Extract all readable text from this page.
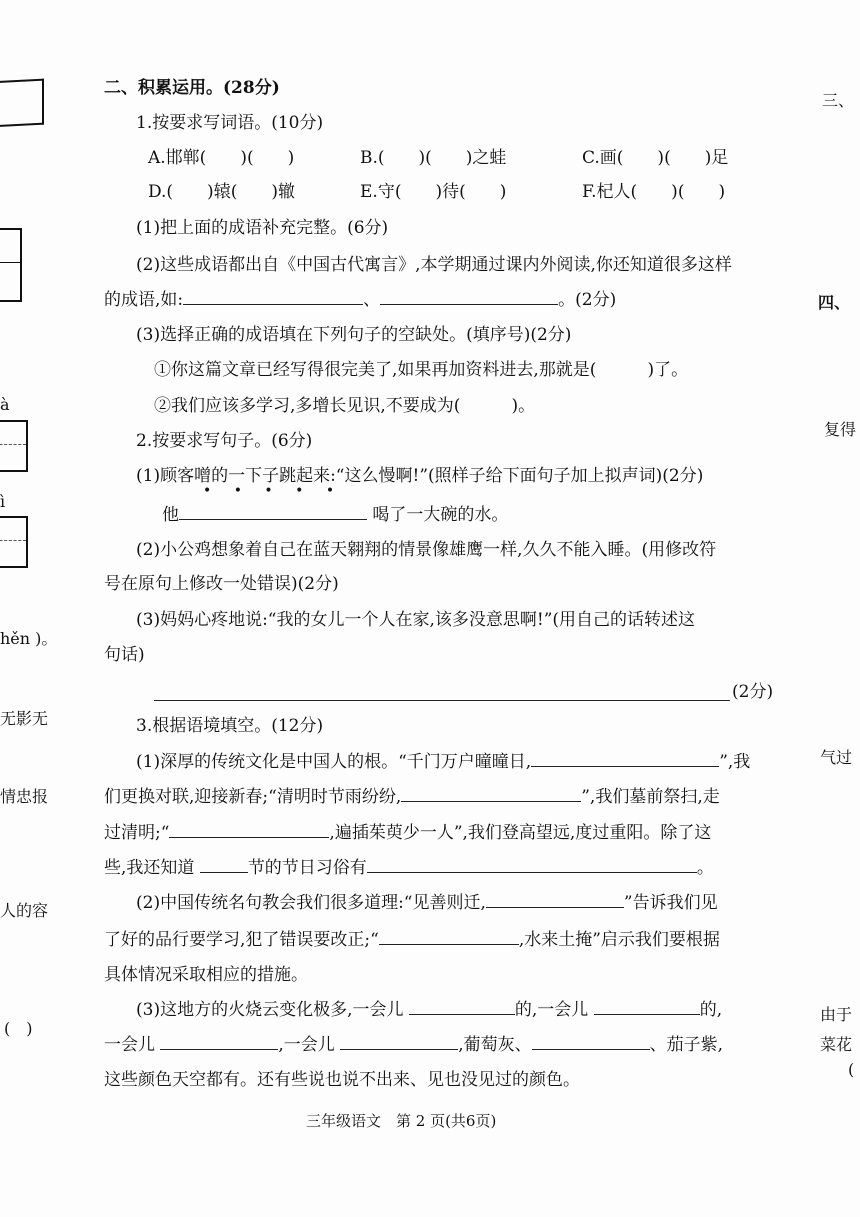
à
ì
hěn )。
无影无
情忠报
人的容
(　)
三、
四、
复得
气过
由于
菜花
(
二、积累运用。(28分)
1.按要求写词语。(10分)
A.邯郸(　　)(　　)	B.(　　)(　　)之蛙	C.画(　　)(　　)足
D.(　　)辕(　　)辙	E.守(　　)待(　　)	F.杞人(　　)(　　)
(1)把上面的成语补充完整。(6分)
(2)这些成语都出自《中国古代寓言》,本学期通过课内外阅读,你还知道很多这样
的成语,如:	、	。(2分)
(3)选择正确的成语填在下列句子的空缺处。(填序号)(2分)
①你这篇文章已经写得很完美了,如果再加资料进去,那就是(　　　)了。
②我们应该多学习,多增长见识,不要成为(　　　)。
2.按要求写句子。(6分)
(1)顾客噌的一下子跳起来:“这么慢啊!”(照样子给下面句子加上拟声词)(2分)
• • • • •
他	喝了一大碗的水。
(2)小公鸡想象着自己在蓝天翱翔的情景像雄鹰一样,久久不能入睡。(用修改符
号在原句上修改一处错误)(2分)
(3)妈妈心疼地说:“我的女儿一个人在家,该多没意思啊!”(用自己的话转述这
句话)
(2分)
3.根据语境填空。(12分)
(1)深厚的传统文化是中国人的根。“千门万户曈曈日,	”,我
们更换对联,迎接新春;“清明时节雨纷纷,	”,我们墓前祭扫,走
过清明;“	,遍插茱萸少一人”,我们登高望远,度过重阳。除了这
些,我还知道	节的节日习俗有	。
(2)中国传统名句教会我们很多道理:“见善则迁,	”告诉我们见
了好的品行要学习,犯了错误要改正;“	,水来土掩”启示我们要根据
具体情况采取相应的措施。
(3)这地方的火烧云变化极多,一会儿	的,一会儿	的,
一会儿	,一会儿	,葡萄灰、	、茄子紫,
这些颜色天空都有。还有些说也说不出来、见也没见过的颜色。
三年级语文　第 2 页(共6页)
